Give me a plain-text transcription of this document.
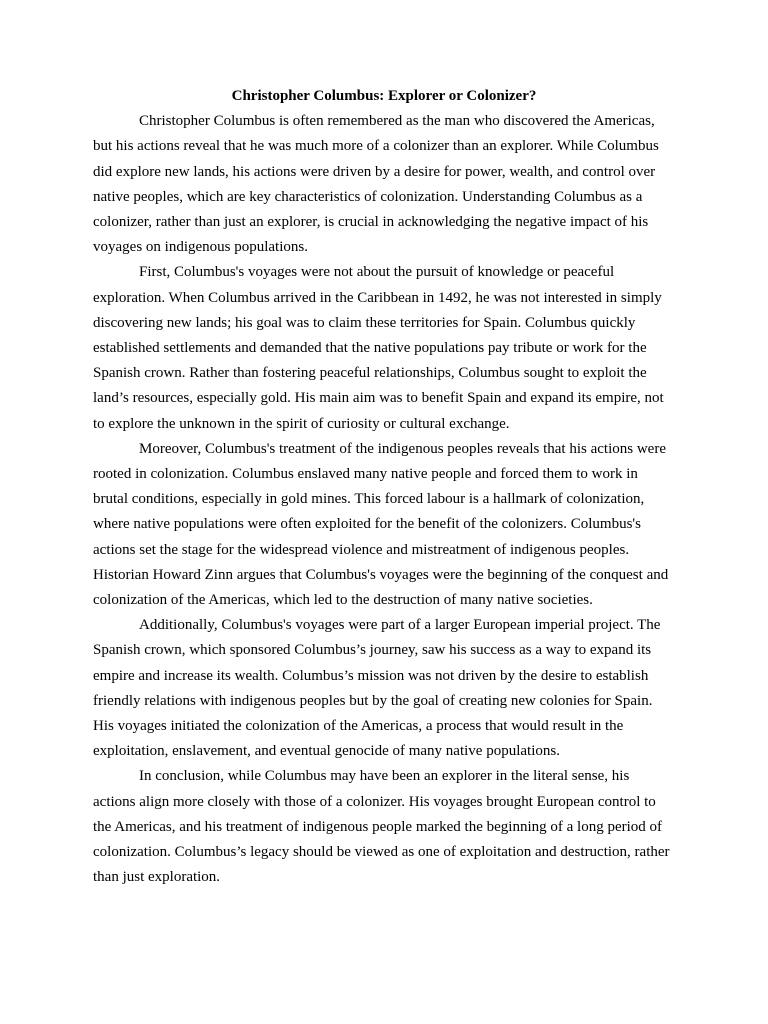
Christopher Columbus: Explorer or Colonizer?

Christopher Columbus is often remembered as the man who discovered the Americas, but his actions reveal that he was much more of a colonizer than an explorer. While Columbus did explore new lands, his actions were driven by a desire for power, wealth, and control over native peoples, which are key characteristics of colonization. Understanding Columbus as a colonizer, rather than just an explorer, is crucial in acknowledging the negative impact of his voyages on indigenous populations.

First, Columbus's voyages were not about the pursuit of knowledge or peaceful exploration. When Columbus arrived in the Caribbean in 1492, he was not interested in simply discovering new lands; his goal was to claim these territories for Spain. Columbus quickly established settlements and demanded that the native populations pay tribute or work for the Spanish crown. Rather than fostering peaceful relationships, Columbus sought to exploit the land’s resources, especially gold. His main aim was to benefit Spain and expand its empire, not to explore the unknown in the spirit of curiosity or cultural exchange.

Moreover, Columbus's treatment of the indigenous peoples reveals that his actions were rooted in colonization. Columbus enslaved many native people and forced them to work in brutal conditions, especially in gold mines. This forced labour is a hallmark of colonization, where native populations were often exploited for the benefit of the colonizers. Columbus's actions set the stage for the widespread violence and mistreatment of indigenous peoples. Historian Howard Zinn argues that Columbus's voyages were the beginning of the conquest and colonization of the Americas, which led to the destruction of many native societies.

Additionally, Columbus's voyages were part of a larger European imperial project. The Spanish crown, which sponsored Columbus’s journey, saw his success as a way to expand its empire and increase its wealth. Columbus’s mission was not driven by the desire to establish friendly relations with indigenous peoples but by the goal of creating new colonies for Spain. His voyages initiated the colonization of the Americas, a process that would result in the exploitation, enslavement, and eventual genocide of many native populations.

In conclusion, while Columbus may have been an explorer in the literal sense, his actions align more closely with those of a colonizer. His voyages brought European control to the Americas, and his treatment of indigenous people marked the beginning of a long period of colonization. Columbus’s legacy should be viewed as one of exploitation and destruction, rather than just exploration.
